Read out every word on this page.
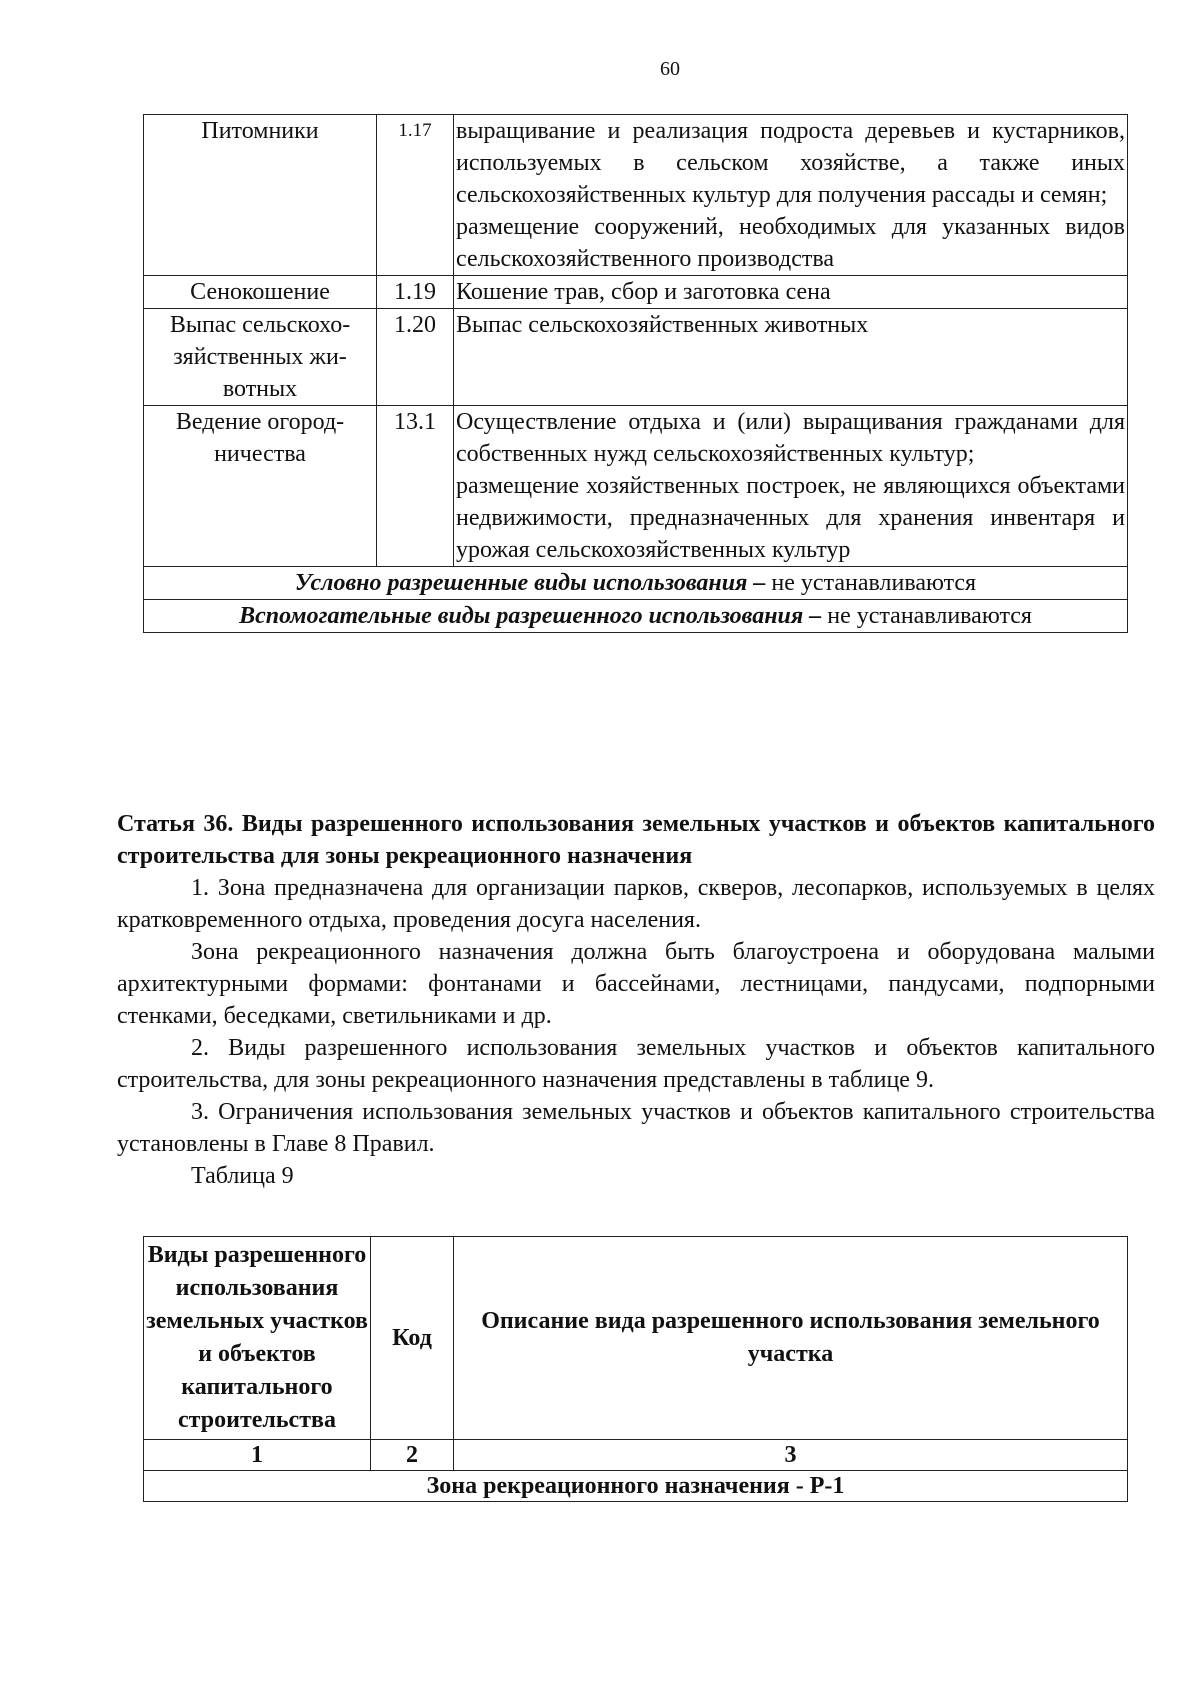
60
Питомники	1.17	выращивание и реализация подроста деревьев и кустарников, используемых в сельском хозяйстве, а также иных сельскохозяйственных культур для получения рассады и семян;

размещение сооружений, необходимых для указанных видов сельскохозяйственного производства

Сенокошение	1.19	Кошение трав, сбор и заготовка сена

Выпас сельскохо-зяйственных жи-вотных	1.20	Выпас сельскохозяйственных животных

Ведение огород-ничества	13.1	Осуществление отдыха и (или) выращивания гражданами для собственных нужд сельскохозяйственных культур;

размещение хозяйственных построек, не являющихся объектами недвижимости, предназначенных для хранения инвентаря и урожая сельскохозяйственных культур

Условно разрешенные виды использования – не устанавливаются		
Вспомогательные виды разрешенного использования – не устанавливаются		
Статья 36. Виды разрешенного использования земельных участков и объектов капитального строительства для зоны рекреационного назначения

1. Зона предназначена для организации парков, скверов, лесопарков, используемых в целях кратковременного отдыха, проведения досуга населения.

Зона рекреационного назначения должна быть благоустроена и оборудована малыми архитектурными формами: фонтанами и бассейнами, лестницами, пандусами, подпорными стенками, беседками, светильниками и др.

2. Виды разрешенного использования земельных участков и объектов капитального строительства, для зоны рекреационного назначения представлены в таблице 9.

3. Ограничения использования земельных участков и объектов капитального строительства установлены в Главе 8 Правил.

Таблица 9

Виды разрешенного использования земельных участков и объектов капитального строительства	Код	Описание вида разрешенного использования земельного участка
1	2	3
Зона рекреационного назначения - Р-1		
